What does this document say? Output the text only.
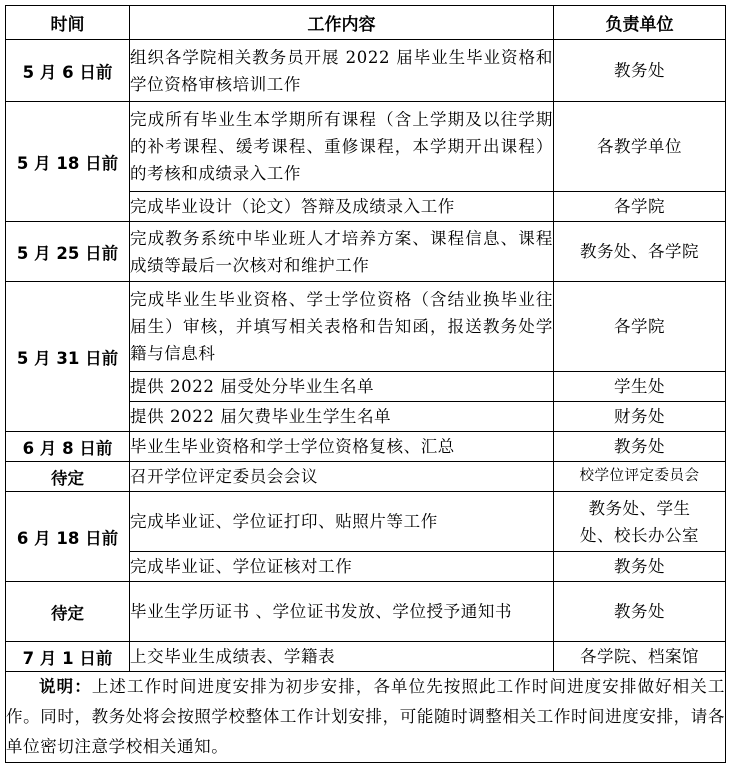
时间	工作内容	负责单位
5 月 6 日前	组织各学院相关教务员开展 2022 届毕业生毕业资格和学位资格审核培训工作	教务处
5 月 18 日前	完成所有毕业生本学期所有课程（含上学期及以往学期的补考课程、缓考课程、重修课程，本学期开出课程）的考核和成绩录入工作	各教学单位
	完成毕业设计（论文）答辩及成绩录入工作	各学院
5 月 25 日前	完成教务系统中毕业班人才培养方案、课程信息、课程成绩等最后一次核对和维护工作	教务处、各学院
5 月 31 日前	完成毕业生毕业资格、学士学位资格（含结业换毕业往届生）审核，并填写相关表格和告知函，报送教务处学籍与信息科	各学院
	提供 2022 届受处分毕业生名单	学生处
	提供 2022 届欠费毕业生学生名单	财务处
6 月 8 日前	毕业生毕业资格和学士学位资格复核、汇总	教务处
待定	召开学位评定委员会会议	校学位评定委员会
6 月 18 日前	完成毕业证、学位证打印、贴照片等工作	教务处、学生处、校长办公室
	完成毕业证、学位证核对工作	教务处
待定	毕业生学历证书 、学位证书发放、学位授予通知书	教务处
7 月 1 日前	上交毕业生成绩表、学籍表	各学院、档案馆
说明：上述工作时间进度安排为初步安排，各单位先按照此工作时间进度安排做好相关工作。同时，教务处将会按照学校整体工作计划安排，可能随时调整相关工作时间进度安排，请各单位密切注意学校相关通知。		
